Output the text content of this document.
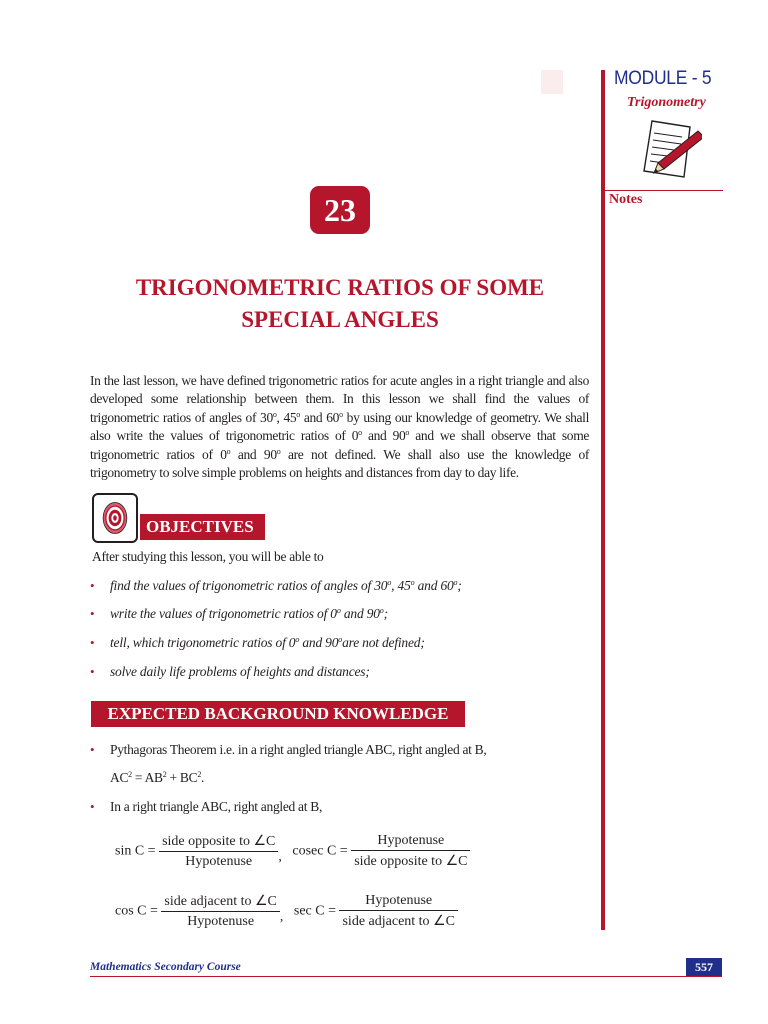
MODULE - 5
Trigonometry
Notes
23
TRIGONOMETRIC RATIOS OF SOME
SPECIAL ANGLES
In the last lesson, we have defined trigonometric ratios for acute angles in a right triangle and also developed some relationship between them. In this lesson we shall find the values of trigonometric ratios of angles of 30$^o$, 45$^o$ and 60$^o$ by using our knowledge of geometry. We shall also write the values of trigonometric ratios of 0$^o$ and 90$^o$ and we shall observe that some trigonometric ratios of 0$^o$ and 90$^o$ are not defined. We shall also use the knowledge of trigonometry to solve simple problems on heights and distances from day to day life.
OBJECTIVES
After studying this lesson, you will be able to
• find the values of trigonometric ratios of angles of 30$^o$, 45$^o$ and 60$^o$;
• write the values of trigonometric ratios of 0$^o$ and 90$^o$;
• tell, which trigonometric ratios of 0$^o$ and 90$^o$are not defined;
• solve daily life problems of heights and distances;
EXPECTED BACKGROUND KNOWLEDGE
• Pythagoras Theorem i.e. in a right angled triangle ABC, right angled at B,
$AC^2 = AB^2 + BC^2$.
• In a right triangle ABC, right angled at B,
$\sin C = \frac{\text{side opposite to ∠C}}{\text{Hypotenuse}}$ , cosec $C = \frac{\text{Hypotenuse}}{\text{side opposite to ∠C}}$
$\cos C = \frac{\text{side adjacent to ∠C}}{\text{Hypotenuse}}$ , $\sec C = \frac{\text{Hypotenuse}}{\text{side adjacent to ∠C}}$
Mathematics Secondary Course	557
